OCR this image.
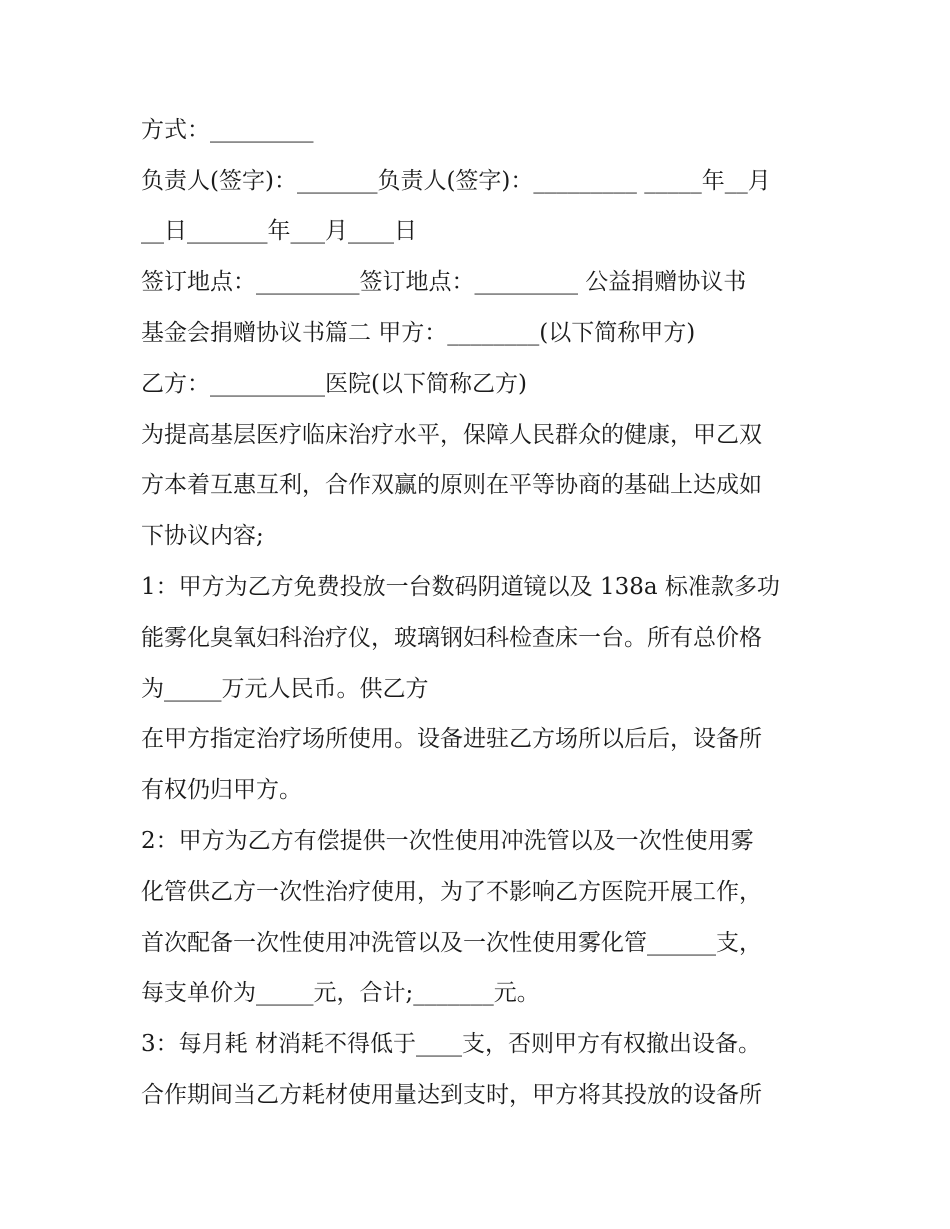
方式：_________
负责人(签字)：_______负责人(签字)：_________ _____年__月
__日_______年___月____日
签订地点：_________签订地点：_________ 公益捐赠协议书
基金会捐赠协议书篇二 甲方：________(以下简称甲方)
乙方：__________医院(以下简称乙方)
为提高基层医疗临床治疗水平，保障人民群众的健康，甲乙双
方本着互惠互利，合作双赢的原则在平等协商的基础上达成如
下协议内容;
1：甲方为乙方免费投放一台数码阴道镜以及 138a 标准款多功
能雾化臭氧妇科治疗仪，玻璃钢妇科检查床一台。所有总价格
为_____万元人民币。供乙方
在甲方指定治疗场所使用。设备进驻乙方场所以后后，设备所
有权仍归甲方。
2：甲方为乙方有偿提供一次性使用冲洗管以及一次性使用雾
化管供乙方一次性治疗使用，为了不影响乙方医院开展工作，
首次配备一次性使用冲洗管以及一次性使用雾化管______支，
每支单价为_____元，合计;_______元。
3：每月耗 材消耗不得低于____支，否则甲方有权撤出设备。
合作期间当乙方耗材使用量达到支时，甲方将其投放的设备所
